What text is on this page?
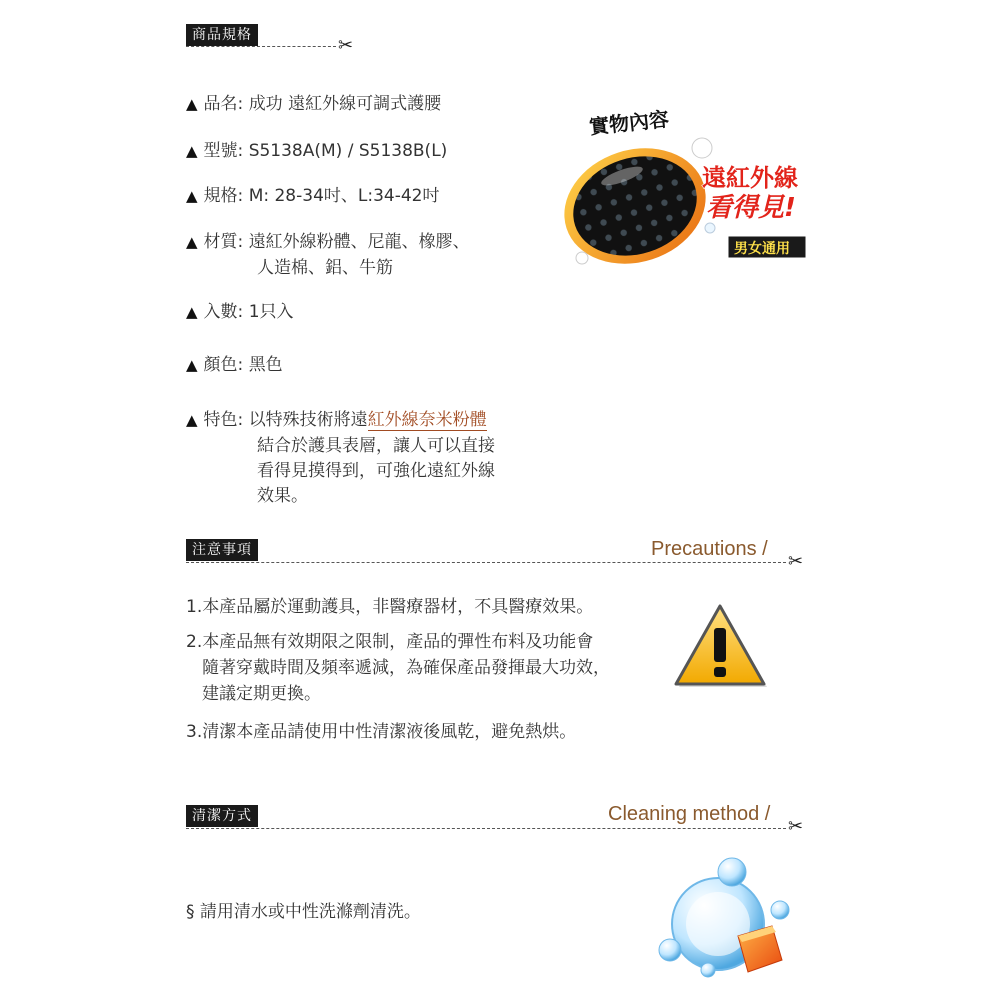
商品規格	✂
▲ 品名: 成功 遠紅外線可調式護腰
▲ 型號: S5138A(M) / S5138B(L)
▲ 規格: M: 28-34吋、L:34-42吋
▲ 材質: 遠紅外線粉體、尼龍、橡膠、
人造棉、鋁、牛筋
▲ 入數: 1只入
▲ 顏色: 黑色
▲ 特色: 以特殊技術將遠紅外線奈米粉體
結合於護具表層，讓人可以直接
看得見摸得到，可強化遠紅外線
效果。
實物內容
遠紅外線
看得見!
男女通用
注意事項	Precautions /
✂
1.本產品屬於運動護具，非醫療器材，不具醫療效果。
2.本產品無有效期限之限制，產品的彈性布料及功能會
隨著穿戴時間及頻率遞減，為確保產品發揮最大功效，
建議定期更換。
3.清潔本產品請使用中性清潔液後風乾，避免熱烘。
清潔方式	Cleaning method /
✂
§ 請用清水或中性洗滌劑清洗。
